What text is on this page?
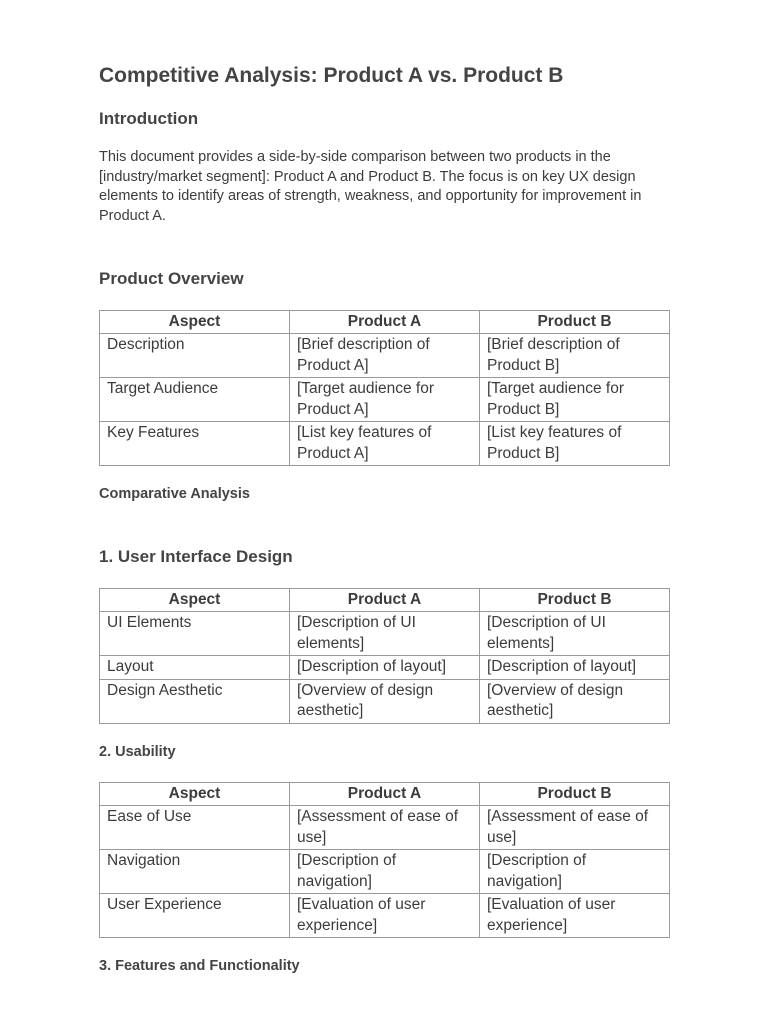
Competitive Analysis: Product A vs. Product B
Introduction

This document provides a side-by-side comparison between two products in the [industry/market segment]: Product A and Product B. The focus is on key UX design elements to identify areas of strength, weakness, and opportunity for improvement in Product A.

Product Overview
Aspect	Product A	Product B
Description	[Brief description of Product A]	[Brief description of Product B]
Target Audience	[Target audience for Product A]	[Target audience for Product B]
Key Features	[List key features of Product A]	[List key features of Product B]
Comparative Analysis
1. User Interface Design
Aspect	Product A	Product B
UI Elements	[Description of UI elements]	[Description of UI elements]
Layout	[Description of layout]	[Description of layout]
Design Aesthetic	[Overview of design aesthetic]	[Overview of design aesthetic]
2. Usability
Aspect	Product A	Product B
Ease of Use	[Assessment of ease of use]	[Assessment of ease of use]
Navigation	[Description of navigation]	[Description of navigation]
User Experience	[Evaluation of user experience]	[Evaluation of user experience]
3. Features and Functionality
